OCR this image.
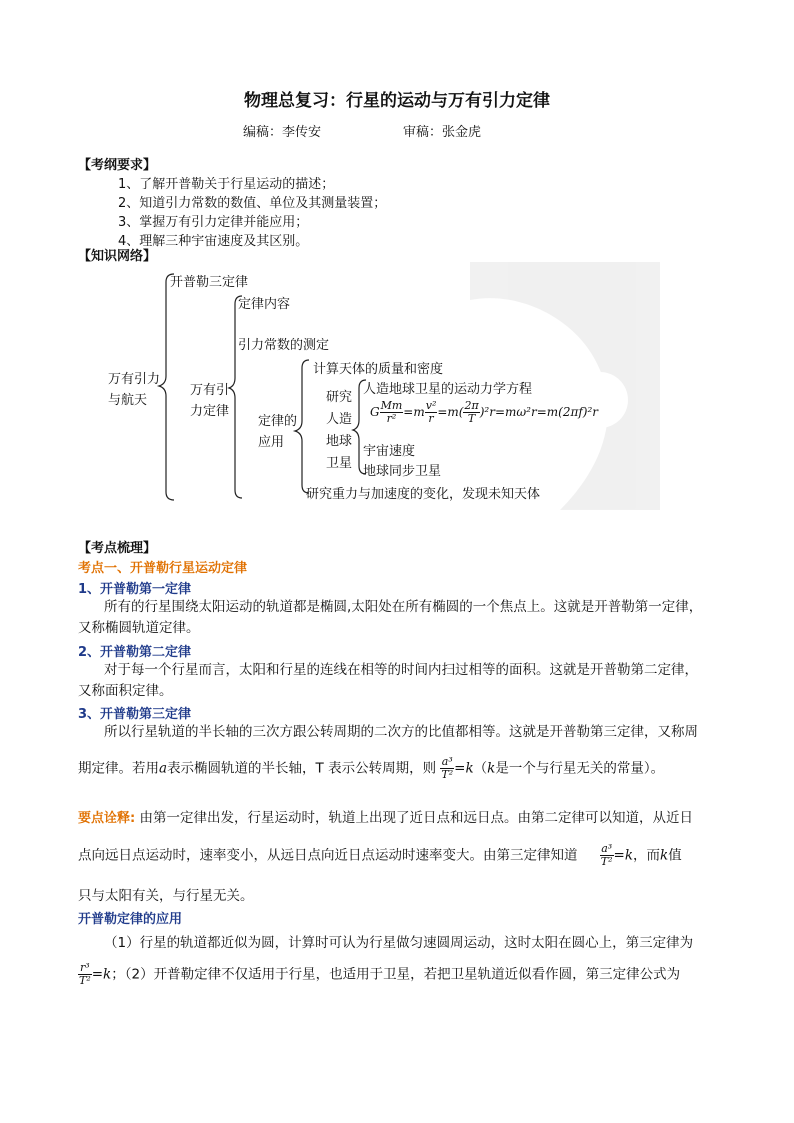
物理总复习：行星的运动与万有引力定律
编稿：李传安	审稿：张金虎
【考纲要求】
1、了解开普勒关于行星运动的描述；
2、知道引力常数的数值、单位及其测量装置；
3、掌握万有引力定律并能应用；
4、理解三种宇宙速度及其区别。
【知识网络】
万有引力
与航天
开普勒三定律
万有引
力定律
定律内容
引力常数的测定
定律的
应用
计算天体的质量和密度
研究
人造
地球
卫星
人造地球卫星的运动力学方程
G $\frac{Mm}{\text{r²}} =m \frac{\text{v²}}{r} =m( \frac{2\pi}{T} )^2r=m\omega^2r=m(2\pi f)^2r$
宇宙速度
地球同步卫星
研究重力与加速度的变化，发现未知天体
【考点梳理】
考点一、开普勒行星运动定律
1、开普勒第一定律

所有的行星围绕太阳运动的轨道都是椭圆,太阳处在所有椭圆的一个焦点上。这就是开普勒第一定律，

又称椭圆轨道定律。

2、开普勒第二定律

对于每一个行星而言，太阳和行星的连线在相等的时间内扫过相等的面积。这就是开普勒第二定律，

又称面积定律。

3、开普勒第三定律

所以行星轨道的半长轴的三次方跟公转周期的二次方的比值都相等。这就是开普勒第三定律，又称周

期定律。若用a表示椭圆轨道的半长轴，T 表示公转周期，则 $\frac{\text{a³}}{\text{T²}} =k(k$是一个与行星无关的常量）。
要点诠释: 由第一定律出发，行星运动时，轨道上出现了近日点和远日点。由第二定律可以知道，从近日
点向远日点运动时，速率变小，从远日点向近日点运动时速率变大。由第三定律知道 $\frac{\text{a³}}{\text{T²}} =k$，而k值
只与太阳有关，与行星无关。
开普勒定律的应用
（1）行星的轨道都近似为圆，计算时可认为行星做匀速圆周运动，这时太阳在圆心上，第三定律为
$\frac{\text{r³}}{\text{T²}} =k$；（2）开普勒定律不仅适用于行星，也适用于卫星，若把卫星轨道近似看作圆，第三定律公式为
